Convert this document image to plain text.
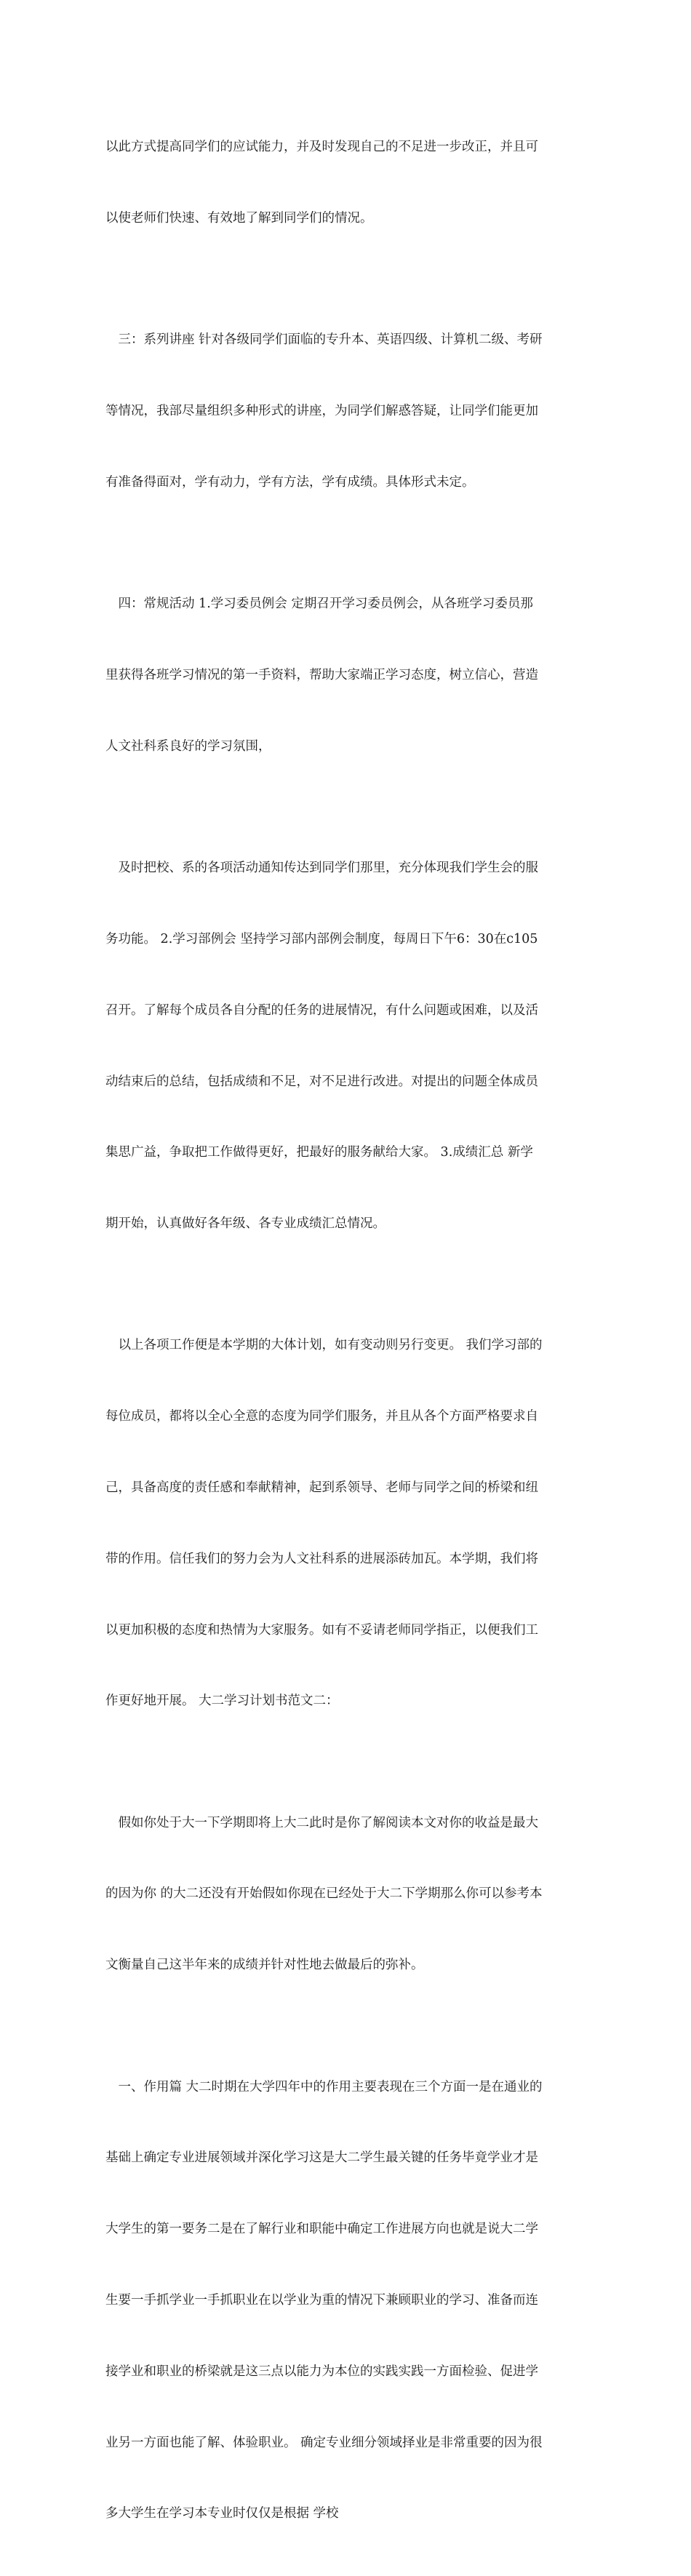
以此方式提高同学们的应试能力，并及时发现自己的不足进一步改正，并且可

以使老师们快速、有效地了解到同学们的情况。

三：系列讲座 针对各级同学们面临的专升本、英语四级、计算机二级、考研

等情况，我部尽量组织多种形式的讲座，为同学们解惑答疑，让同学们能更加

有准备得面对，学有动力，学有方法，学有成绩。具体形式未定。

四：常规活动 1.学习委员例会 定期召开学习委员例会，从各班学习委员那

里获得各班学习情况的第一手资料，帮助大家端正学习态度，树立信心，营造

人文社科系良好的学习氛围，

及时把校、系的各项活动通知传达到同学们那里，充分体现我们学生会的服

务功能。 2.学习部例会 坚持学习部内部例会制度，每周日下午6：30在c105

召开。了解每个成员各自分配的任务的进展情况，有什么问题或困难，以及活

动结束后的总结，包括成绩和不足，对不足进行改进。对提出的问题全体成员

集思广益，争取把工作做得更好，把最好的服务献给大家。 3.成绩汇总 新学

期开始，认真做好各年级、各专业成绩汇总情况。

以上各项工作便是本学期的大体计划，如有变动则另行变更。 我们学习部的

每位成员，都将以全心全意的态度为同学们服务，并且从各个方面严格要求自

己，具备高度的责任感和奉献精神，起到系领导、老师与同学之间的桥梁和纽

带的作用。信任我们的努力会为人文社科系的进展添砖加瓦。本学期，我们将

以更加积极的态度和热情为大家服务。如有不妥请老师同学指正，以便我们工

作更好地开展。 大二学习计划书范文二：

假如你处于大一下学期即将上大二此时是你了解阅读本文对你的收益是最大

的因为你 的大二还没有开始假如你现在已经处于大二下学期那么你可以参考本

文衡量自己这半年来的成绩并针对性地去做最后的弥补。

一、作用篇 大二时期在大学四年中的作用主要表现在三个方面一是在通业的

基础上确定专业进展领域并深化学习这是大二学生最关键的任务毕竟学业才是

大学生的第一要务二是在了解行业和职能中确定工作进展方向也就是说大二学

生要一手抓学业一手抓职业在以学业为重的情况下兼顾职业的学习、准备而连

接学业和职业的桥梁就是这三点以能力为本位的实践实践一方面检验、促进学

业另一方面也能了解、体验职业。 确定专业细分领域择业是非常重要的因为很

多大学生在学习本专业时仅仅是根据 学校
